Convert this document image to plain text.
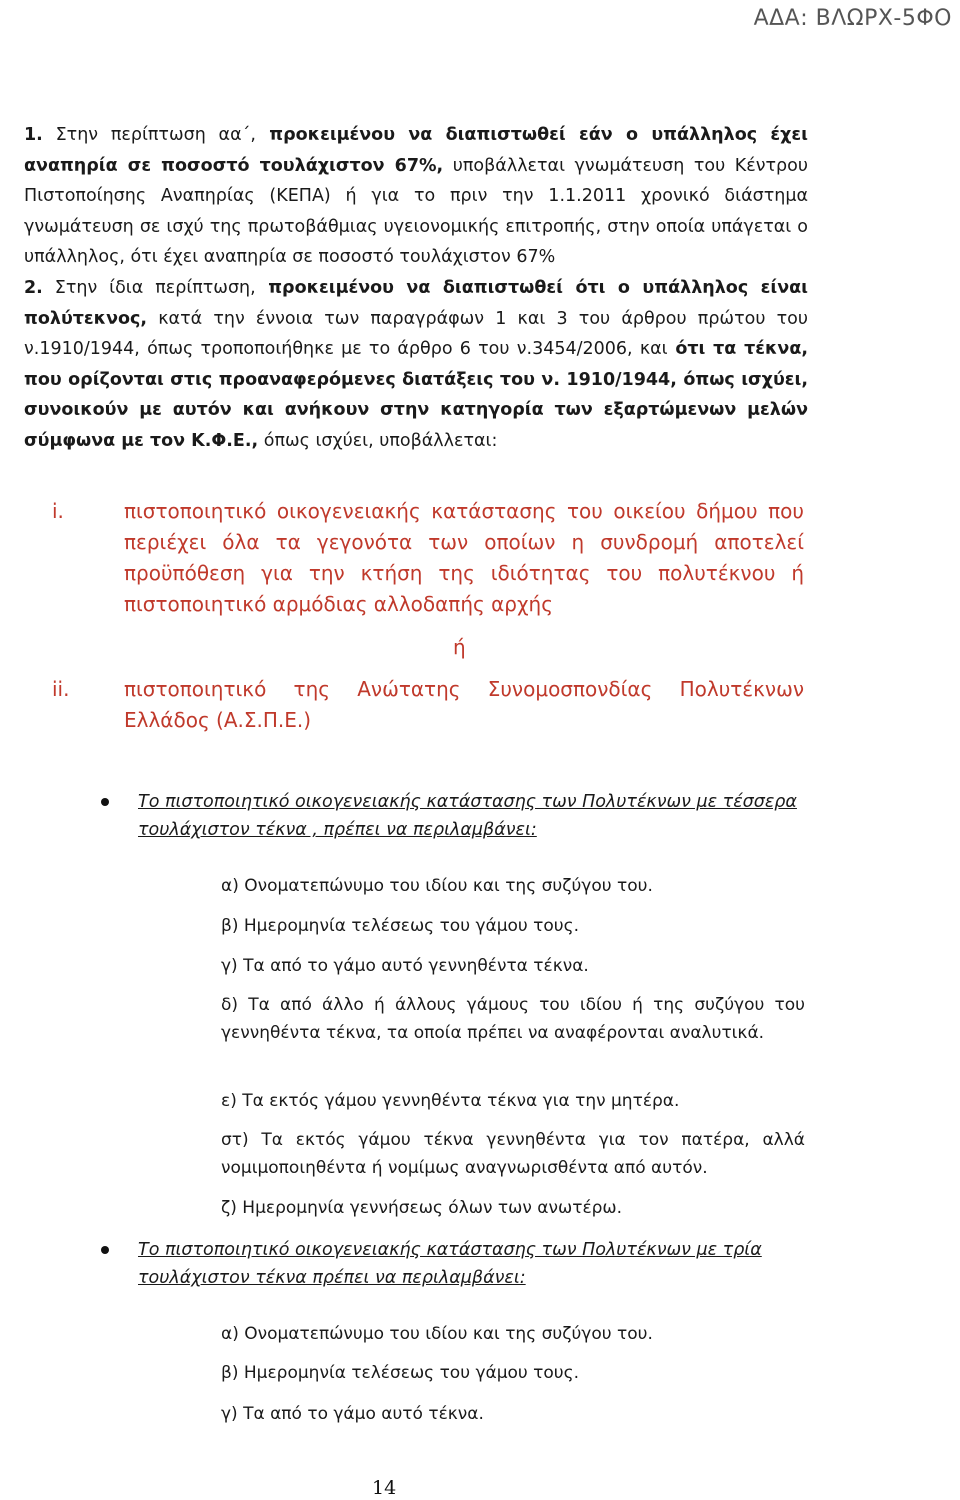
ΑΔΑ: ΒΛΩΡΧ-5ΦΟ

1. Στην περίπτωση αα΄, προκειμένου να διαπιστωθεί εάν ο υπάλληλος έχει αναπηρία σε ποσοστό τουλάχιστον 67%, υποβάλλεται γνωμάτευση του Κέντρου Πιστοποίησης Αναπηρίας (ΚΕΠΑ) ή για το πριν την 1.1.2011 χρονικό διάστημα γνωμάτευση σε ισχύ της πρωτοβάθμιας υγειονομικής επιτροπής, στην οποία υπάγεται ο υπάλληλος, ότι έχει αναπηρία σε ποσοστό τουλάχιστον 67%

2. Στην ίδια περίπτωση, προκειμένου να διαπιστωθεί ότι ο υπάλληλος είναι πολύτεκνος, κατά την έννοια των παραγράφων 1 και 3 του άρθρου πρώτου του ν.1910/1944, όπως τροποποιήθηκε με το άρθρο 6 του ν.3454/2006, και ότι τα τέκνα, που ορίζονται στις προαναφερόμενες διατάξεις του ν. 1910/1944, όπως ισχύει, συνοικούν με αυτόν και ανήκουν στην κατηγορία των εξαρτώμενων μελών σύμφωνα με τον Κ.Φ.Ε., όπως ισχύει, υποβάλλεται:

i.	πιστοποιητικό οικογενειακής κατάστασης του οικείου δήμου που περιέχει όλα τα γεγονότα των οποίων η συνδρομή αποτελεί προϋπόθεση για την κτήση της ιδιότητας του πολυτέκνου ή πιστοποιητικό αρμόδιας αλλοδαπής αρχής

ή
ii.	πιστοποιητικό της Ανώτατης Συνομοσπονδίας Πολυτέκνων

Ελλάδος (Α.Σ.Π.Ε.)

Το πιστοποιητικό οικογενειακής κατάστασης των Πολυτέκνων με τέσσερα τουλάχιστον τέκνα , πρέπει να περιλαμβάνει:

α) Ονοματεπώνυμο του ιδίου και της συζύγου του.

β) Ημερομηνία τελέσεως του γάμου τους.

γ) Τα από το γάμο αυτό γεννηθέντα τέκνα.

δ) Τα από άλλο ή άλλους γάμους του ιδίου ή της συζύγου του γεννηθέντα τέκνα, τα οποία πρέπει να αναφέρονται αναλυτικά.

ε) Τα εκτός γάμου γεννηθέντα τέκνα για την μητέρα.

στ) Τα εκτός γάμου τέκνα γεννηθέντα για τον πατέρα, αλλά νομιμοποιηθέντα ή νομίμως αναγνωρισθέντα από αυτόν.

ζ) Ημερομηνία γεννήσεως όλων των ανωτέρω.

Το πιστοποιητικό οικογενειακής κατάστασης των Πολυτέκνων με τρία τουλάχιστον τέκνα πρέπει να περιλαμβάνει:

α) Ονοματεπώνυμο του ιδίου και της συζύγου του.

β) Ημερομηνία τελέσεως του γάμου τους.

γ) Τα από το γάμο αυτό τέκνα.

14
